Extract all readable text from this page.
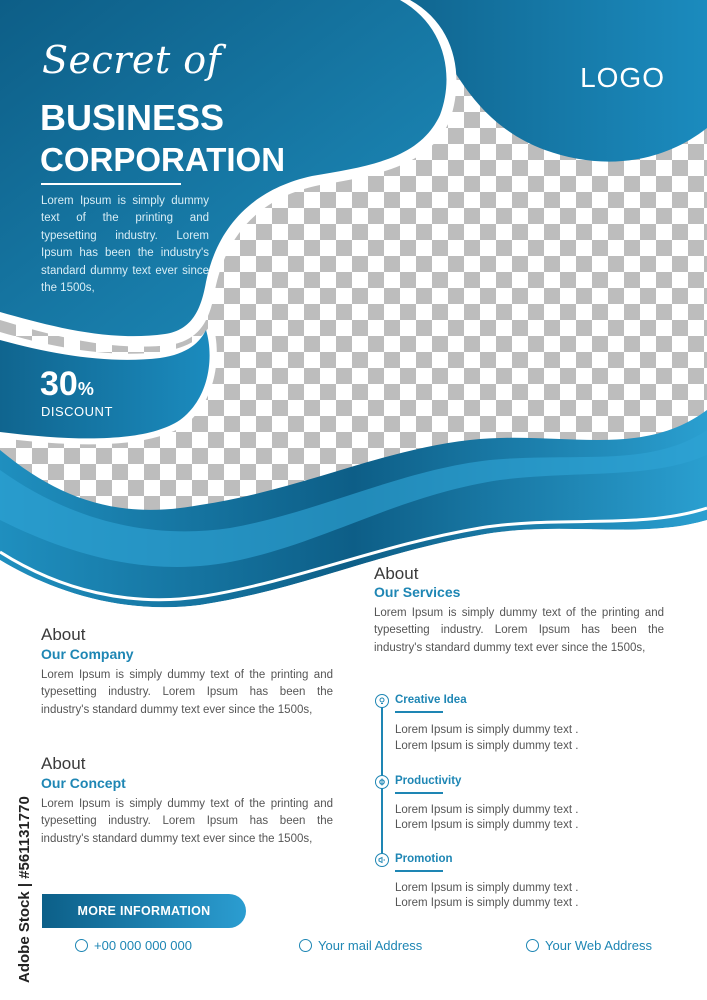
Secret of
BUSINESS
CORPORATION
Lorem Ipsum is simply dummy text of the printing and typesetting industry. Lorem Ipsum has been the industry's standard dummy text ever since the 1500s,
LOGO
30%
DISCOUNT
About
Our Company
Lorem Ipsum is simply dummy text of the printing and typesetting industry. Lorem Ipsum has been the industry's standard dummy text ever since the 1500s,
About
Our Concept
Lorem Ipsum is simply dummy text of the printing and typesetting industry. Lorem Ipsum has been the industry's standard dummy text ever since the 1500s,
About
Our Services
Lorem Ipsum is simply dummy text of the printing and typesetting industry. Lorem Ipsum has been the industry's standard dummy text ever since the 1500s,
Creative Idea
Lorem Ipsum is simply dummy text .
Lorem Ipsum is simply dummy text .
Productivity
Lorem Ipsum is simply dummy text .
Lorem Ipsum is simply dummy text .
Promotion
Lorem Ipsum is simply dummy text .
Lorem Ipsum is simply dummy text .
MORE INFORMATION
+00 000 000 000	Your mail Address	Your Web Address
Adobe Stock | #561131770
